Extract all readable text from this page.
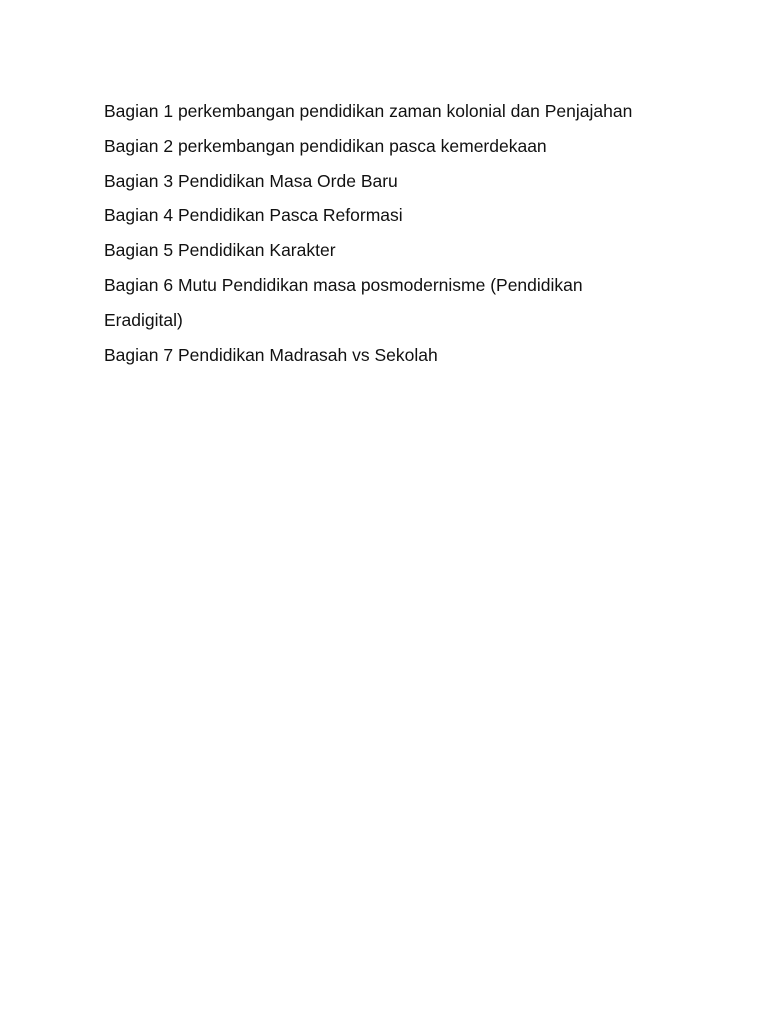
Bagian 1 perkembangan pendidikan zaman kolonial dan Penjajahan

Bagian 2 perkembangan pendidikan pasca kemerdekaan

Bagian 3 Pendidikan Masa Orde Baru

Bagian 4 Pendidikan Pasca Reformasi

Bagian 5 Pendidikan Karakter

Bagian 6 Mutu Pendidikan masa posmodernisme (Pendidikan

Eradigital)

Bagian 7 Pendidikan Madrasah vs Sekolah
